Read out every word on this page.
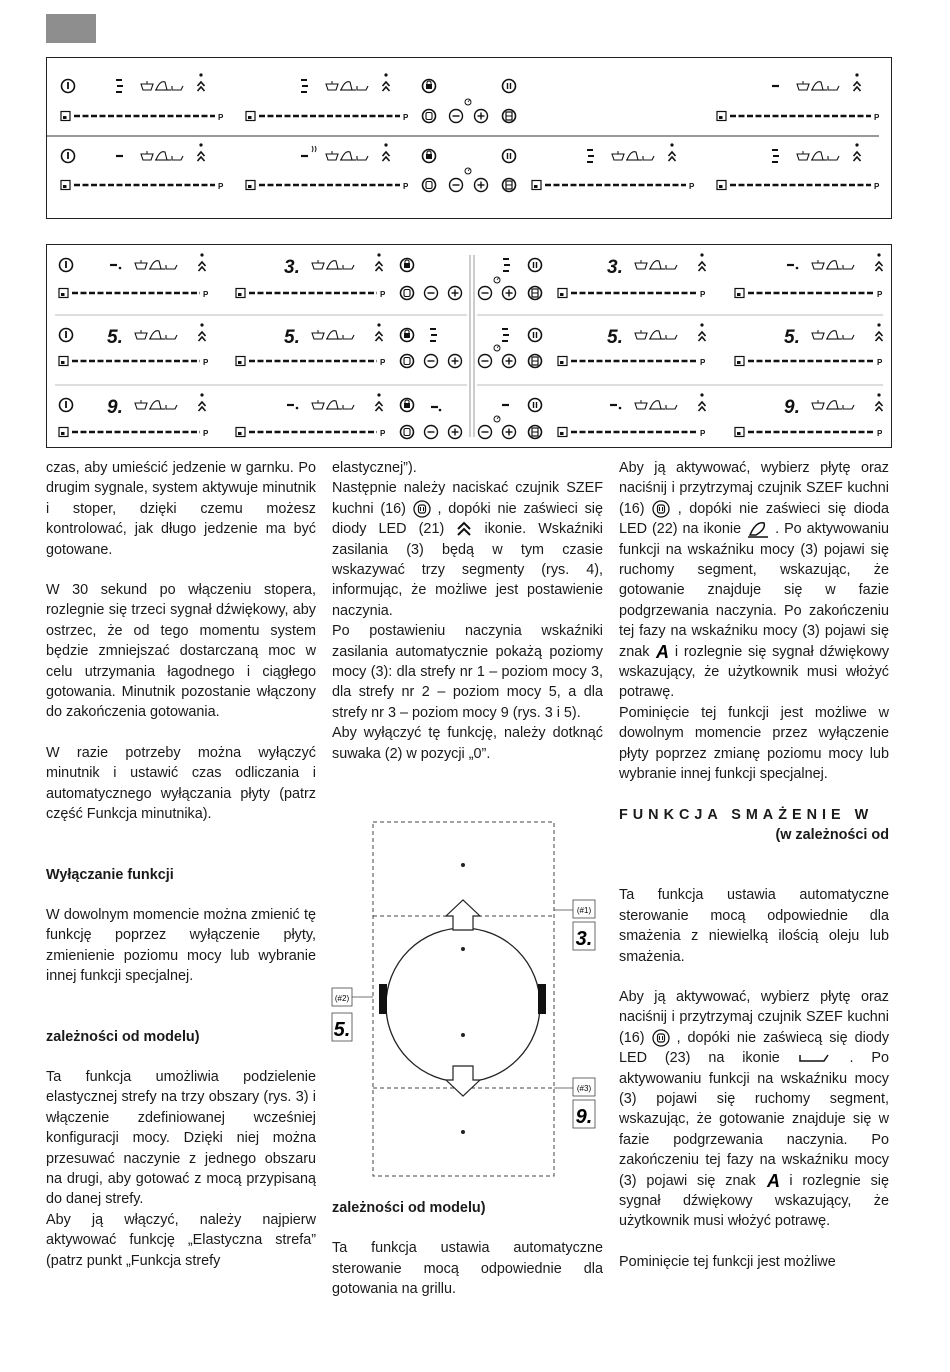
P	P	P
P	P	P	P
P
3.
P
3.
P	P
5.
P
5.
P
5.
P
5.
P
9.
P	P	P
9.
P

czas, aby umieścić jedzenie w garnku. Po drugim sygnale, system aktywuje minutnik i stoper, dzięki czemu możesz kontrolować, jak długo jedzenie ma być gotowane.

W 30 sekund po włączeniu stopera, rozlegnie się trzeci sygnał dźwiękowy, aby ostrzec, że od tego momentu system będzie zmniejszać dostarczaną moc w celu utrzymania łagodnego i ciągłego gotowania. Minutnik pozostanie włączony do zakończenia gotowania.

W razie potrzeby można wyłączyć minutnik i ustawić czas odliczania i automatycznego wyłączania płyty (patrz część Funkcja minutnika).

Wyłączanie funkcji

W dowolnym momencie można zmienić tę funkcję poprzez wyłączenie płyty, zmienienie poziomu mocy lub wybranie innej funkcji specjalnej.

zależności od modelu)

Ta funkcja umożliwia podzielenie elastycznej strefy na trzy obszary (rys. 3) i włączenie zdefiniowanej wcześniej konfiguracji mocy. Dzięki niej można przesuwać naczynie z jednego obszaru na drugi, aby gotować z mocą przypisaną do danej strefy.

Aby ją włączyć, należy najpierw aktywować funkcję „Elastyczna strefa” (patrz punkt „Funkcja strefy

elastycznej”).

Następnie należy naciskać czujnik SZEF kuchni (16) , dopóki nie zaświeci się diody LED (21)	ikonie. Wskaźniki zasilania (3) będą w tym czasie wskazywać trzy segmenty (rys. 4), informując, że możliwe jest postawienie naczynia.

Po postawieniu naczynia wskaźniki zasilania automatycznie pokażą poziomy mocy (3): dla strefy nr 1 – poziom mocy 3, dla strefy nr 2 – poziom mocy 5, a dla strefy nr 3 – poziom mocy 9 (rys. 3 i 5).

Aby wyłączyć tę funkcję, należy dotknąć suwaka (2) w pozycji „0”.

(#1)
3.
(#2)
5.
(#3)
9.
zależności od modelu)

Ta funkcja ustawia automatyczne sterowanie mocą odpowiednie dla gotowania na grillu.

Aby ją aktywować, wybierz płytę oraz naciśnij i przytrzymaj czujnik SZEF kuchni (16) , dopóki nie zaświeci się dioda LED (22) na ikonie . Po aktywowaniu funkcji na wskaźniku mocy (3) pojawi się ruchomy segment, wskazując, że gotowanie znajduje się w fazie podgrzewania naczynia. Po zakończeniu tej fazy na wskaźniku mocy (3) pojawi się znak A i rozlegnie się sygnał dźwiękowy wskazujący, że użytkownik musi włożyć potrawę.

Pominięcie tej funkcji jest możliwe w dowolnym momencie przez wyłączenie płyty poprzez zmianę poziomu mocy lub wybranie innej funkcji specjalnej.

FUNKCJA SMAŻENIE W
(w zależności od

Ta funkcja ustawia automatyczne sterowanie mocą odpowiednie dla smażenia z niewielką ilością oleju lub smażenia.

Aby ją aktywować, wybierz płytę oraz naciśnij i przytrzymaj czujnik SZEF kuchni (16) , dopóki nie zaświecą się diody LED (23) na ikonie	. Po aktywowaniu funkcji na wskaźniku mocy (3) pojawi się ruchomy segment, wskazując, że gotowanie znajduje się w fazie podgrzewania naczynia. Po zakończeniu tej fazy na wskaźniku mocy (3) pojawi się znak A i rozlegnie się sygnał dźwiękowy wskazujący, że użytkownik musi włożyć potrawę.

Pominięcie tej funkcji jest możliwe
